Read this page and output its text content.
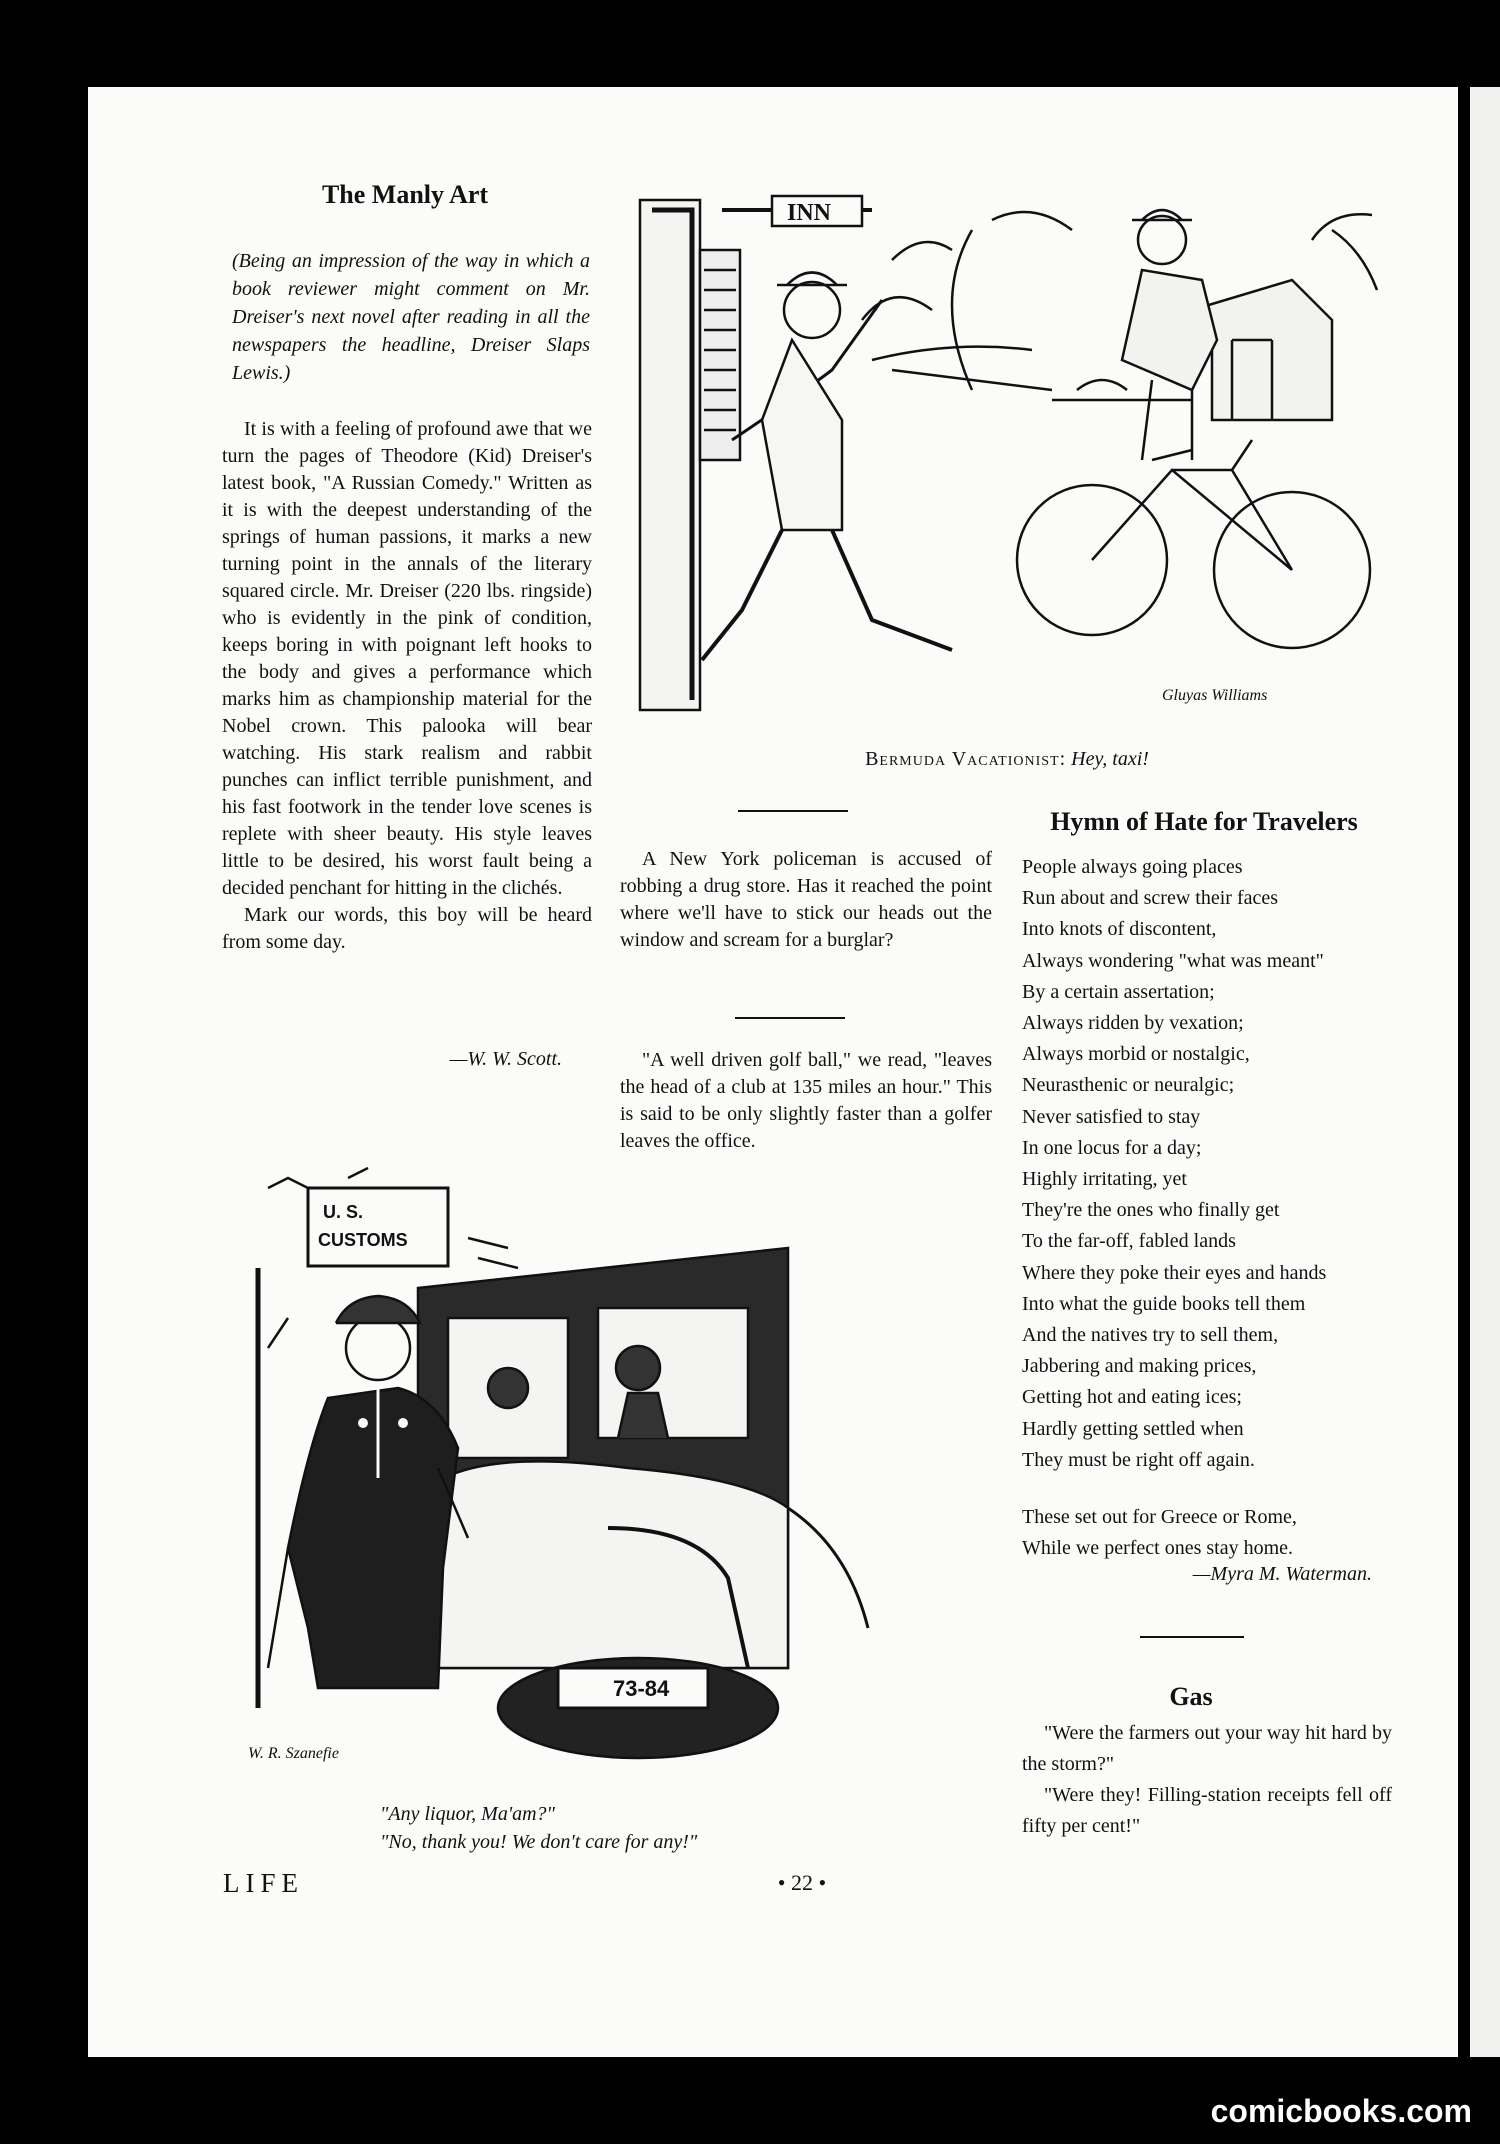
The Manly Art
(Being an impression of the way in which a book reviewer might comment on Mr. Dreiser's next novel after reading in all the newspapers the headline, Dreiser Slaps Lewis.)

It is with a feeling of profound awe that we turn the pages of Theodore (Kid) Dreiser's latest book, "A Russian Comedy." Written as it is with the deepest understanding of the springs of human passions, it marks a new turning point in the annals of the literary squared circle. Mr. Dreiser (220 lbs. ringside) who is evidently in the pink of condition, keeps boring in with poignant left hooks to the body and gives a performance which marks him as championship material for the Nobel crown. This palooka will bear watching. His stark realism and rabbit punches can inflict terrible punishment, and his fast footwork in the tender love scenes is replete with sheer beauty. His style leaves little to be desired, his worst fault being a decided penchant for hitting in the clichés.

Mark our words, this boy will be heard from some day.

—W. W. Scott.
INN
Gluyas Williams
Bermuda Vacationist: Hey, taxi!

A New York policeman is accused of robbing a drug store. Has it reached the point where we'll have to stick our heads out the window and scream for a burglar?

"A well driven golf ball," we read, "leaves the head of a club at 135 miles an hour." This is said to be only slightly faster than a golfer leaves the office.

Hymn of Hate for Travelers
People always going places
Run about and screw their faces
Into knots of discontent,
Always wondering "what was meant"
By a certain assertation;
Always ridden by vexation;
Always morbid or nostalgic,
Neurasthenic or neuralgic;
Never satisfied to stay
In one locus for a day;
Highly irritating, yet
They're the ones who finally get
To the far-off, fabled lands
Where they poke their eyes and hands
Into what the guide books tell them
And the natives try to sell them,
Jabbering and making prices,
Getting hot and eating ices;
Hardly getting settled when
They must be right off again.
These set out for Greece or Rome,
While we perfect ones stay home.
—Myra M. Waterman.
Gas

"Were the farmers out your way hit hard by the storm?"

"Were they! Filling-station receipts fell off fifty per cent!"

U. S.
CUSTOMS
73-84
W. R. Szanefie
"Any liquor, Ma'am?"
"No, thank you! We don't care for any!"
LIFE	• 22 •
comicbooks.com
